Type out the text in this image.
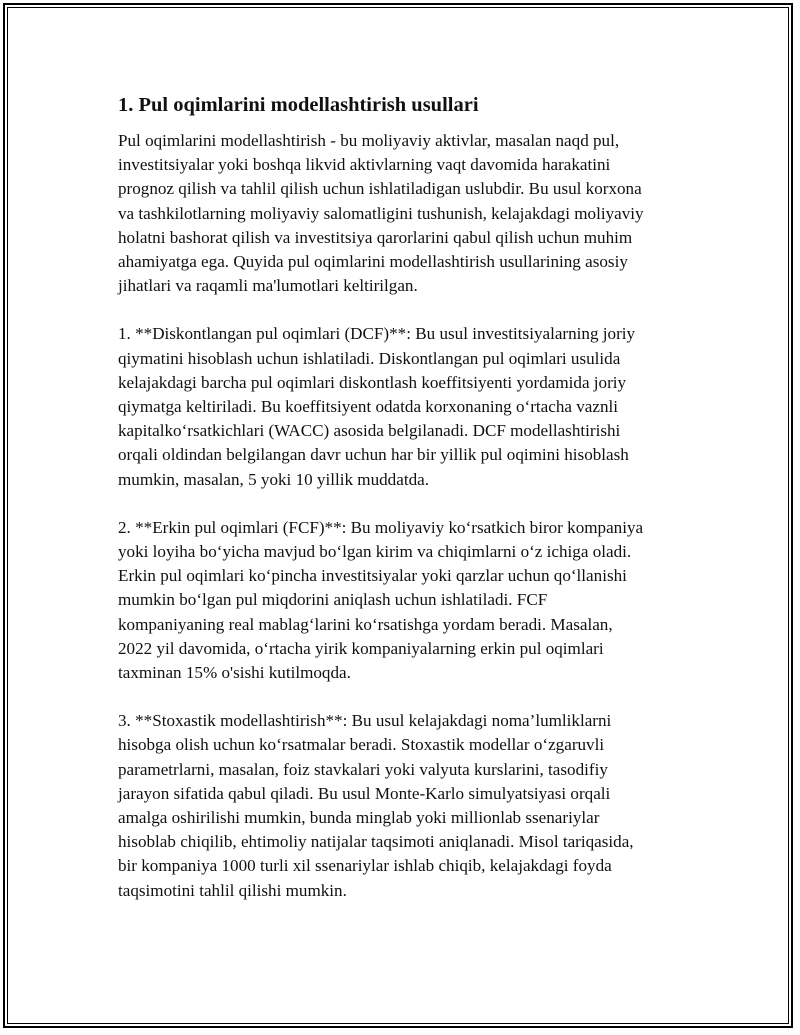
1. Pul oqimlarini modellashtirish usullari
Pul oqimlarini modellashtirish - bu moliyaviy aktivlar, masalan naqd pul,
investitsiyalar yoki boshqa likvid aktivlarning vaqt davomida harakatini
prognoz qilish va tahlil qilish uchun ishlatiladigan uslubdir. Bu usul korxona
va tashkilotlarning moliyaviy salomatligini tushunish, kelajakdagi moliyaviy
holatni bashorat qilish va investitsiya qarorlarini qabul qilish uchun muhim
ahamiyatga ega. Quyida pul oqimlarini modellashtirish usullarining asosiy
jihatlari va raqamli ma'lumotlari keltirilgan.
1. **Diskontlangan pul oqimlari (DCF)**: Bu usul investitsiyalarning joriy
qiymatini hisoblash uchun ishlatiladi. Diskontlangan pul oqimlari usulida
kelajakdagi barcha pul oqimlari diskontlash koeffitsiyenti yordamida joriy
qiymatga keltiriladi. Bu koeffitsiyent odatda korxonaning o‘rtacha vaznli
kapitalko‘rsatkichlari (WACC) asosida belgilanadi. DCF modellashtirishi
orqali oldindan belgilangan davr uchun har bir yillik pul oqimini hisoblash
mumkin, masalan, 5 yoki 10 yillik muddatda.
2. **Erkin pul oqimlari (FCF)**: Bu moliyaviy ko‘rsatkich biror kompaniya
yoki loyiha bo‘yicha mavjud bo‘lgan kirim va chiqimlarni o‘z ichiga oladi.
Erkin pul oqimlari ko‘pincha investitsiyalar yoki qarzlar uchun qo‘llanishi
mumkin bo‘lgan pul miqdorini aniqlash uchun ishlatiladi. FCF
kompaniyaning real mablag‘larini ko‘rsatishga yordam beradi. Masalan,
2022 yil davomida, o‘rtacha yirik kompaniyalarning erkin pul oqimlari
taxminan 15% o'sishi kutilmoqda.
3. **Stoxastik modellashtirish**: Bu usul kelajakdagi noma’lumliklarni
hisobga olish uchun ko‘rsatmalar beradi. Stoxastik modellar o‘zgaruvli
parametrlarni, masalan, foiz stavkalari yoki valyuta kurslarini, tasodifiy
jarayon sifatida qabul qiladi. Bu usul Monte-Karlo simulyatsiyasi orqali
amalga oshirilishi mumkin, bunda minglab yoki millionlab ssenariylar
hisoblab chiqilib, ehtimoliy natijalar taqsimoti aniqlanadi. Misol tariqasida,
bir kompaniya 1000 turli xil ssenariylar ishlab chiqib, kelajakdagi foyda
taqsimotini tahlil qilishi mumkin.
